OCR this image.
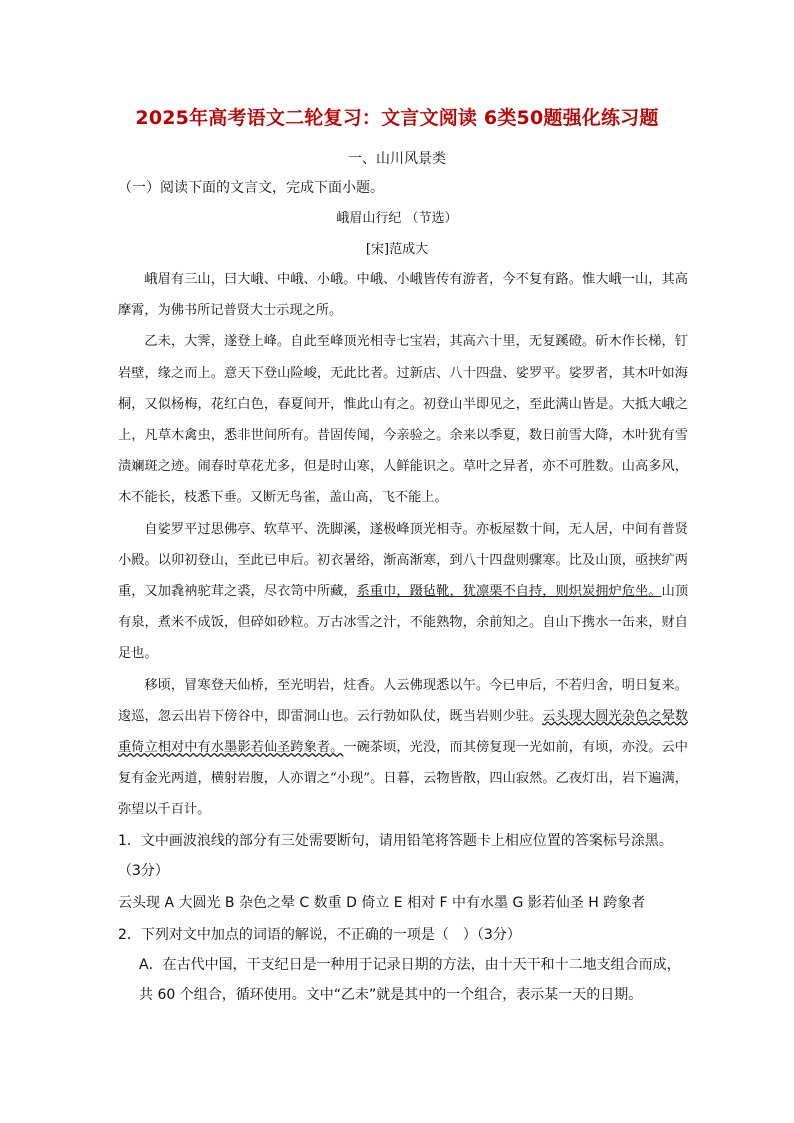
2025年高考语文二轮复习：文言文阅读 6类50题强化练习题
一、山川风景类
（一）阅读下面的文言文，完成下面小题。
峨眉山行纪 （节选）
[宋]范成大

峨眉有三山，曰大峨、中峨、小峨。中峨、小峨皆传有游者，今不复有路。惟大峨一山，其高摩霄，为佛书所记普贤大士示现之所。

乙未，大霁，遂登上峰。自此至峰顶光相寺七宝岩，其高六十里，无复蹊磴。斫木作长梯，钉岩壁，缘之而上。意天下登山险峻，无此比者。过新店、八十四盘、娑罗平。娑罗者，其木叶如海桐，又似杨梅，花红白色，春夏间开，惟此山有之。初登山半即见之，至此满山皆是。大抵大峨之上，凡草木禽虫，悉非世间所有。昔固传闻，今亲验之。余来以季夏，数日前雪大降，木叶犹有雪渍斓斑之迹。闹春时草花尤多，但是时山寒，人鲜能识之。草叶之异者，亦不可胜数。山高多风，木不能长，枝悉下垂。又断无鸟雀，盖山高，飞不能上。

自娑罗平过思佛亭、软草平、洗脚溪，遂极峰顶光相寺。亦板屋数十间，无人居，中间有普贤小殿。以卯初登山，至此已申后。初衣暑绤，渐高渐寒，到八十四盘则骤寒。比及山顶，亟挟纩两重，又加毳衲驼茸之裘，尽衣笥中所藏，系重巾，蹑毡靴，犹凛栗不自持，则炽炭拥炉危坐。山顶有泉，煮米不成饭，但碎如砂粒。万古冰雪之汁，不能熟物，余前知之。自山下携水一缶来，财自足也。

移顷，冒寒登天仙桥，至光明岩，炷香。人云佛现悉以午。今已申后，不若归舍，明日复来。逡巡，忽云出岩下傍谷中，即雷洞山也。云行勃如队仗，既当岩则少驻。云头现大圆光杂色之晕数重倚立相对中有水墨影若仙圣跨象者。一碗茶顷，光没，而其傍复现一光如前，有顷，亦没。云中复有金光两道，横射岩腹，人亦谓之“小现”。日暮，云物皆散，四山寂然。乙夜灯出，岩下遍满，弥望以千百计。

1．文中画波浪线的部分有三处需要断句，请用铅笔将答题卡上相应位置的答案标号涂黑。
（3分）
云头现 A 大圆光 B 杂色之晕 C 数重 D 倚立 E 相对 F 中有水墨 G 影若仙圣 H 跨象者
2．下列对文中加点的词语的解说，不正确的一项是（　）（3分）
A．在古代中国，干支纪日是一种用于记录日期的方法，由十天干和十二地支组合而成，共 60 个组合，循环使用。文中“乙未”就是其中的一个组合，表示某一天的日期。
